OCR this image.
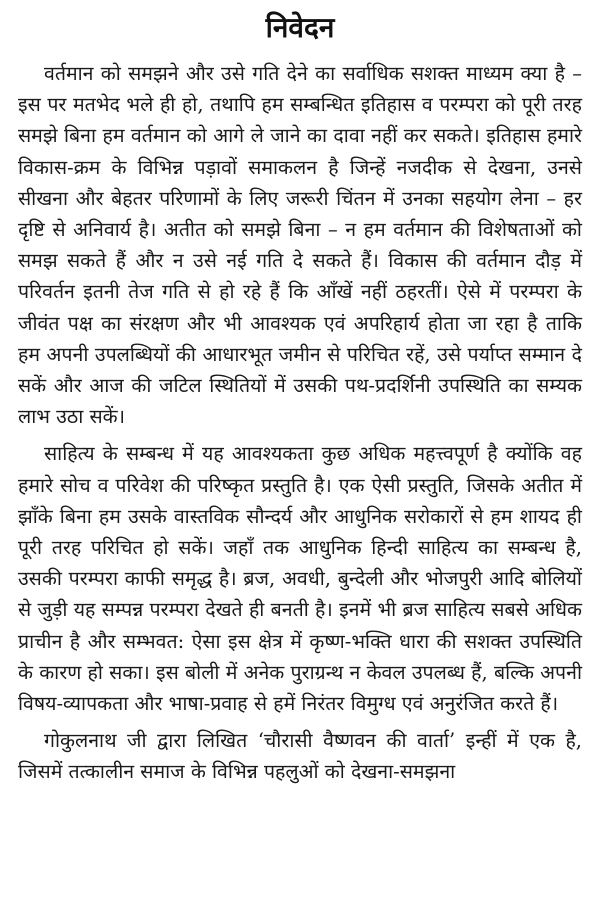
निवेदन

वर्तमान को समझने और उसे गति देने का सर्वाधिक सशक्त माध्यम क्या है – इस पर मतभेद भले ही हो, तथापि हम सम्बन्धित इतिहास व परम्परा को पूरी तरह समझे बिना हम वर्तमान को आगे ले जाने का दावा नहीं कर सकते। इतिहास हमारे विकास-क्रम के विभिन्न पड़ावों समाकलन है जिन्हें नजदीक से देखना, उनसे सीखना और बेहतर परिणामों के लिए जरूरी चिंतन में उनका सहयोग लेना – हर दृष्टि से अनिवार्य है। अतीत को समझे बिना – न हम वर्तमान की विशेषताओं को समझ सकते हैं और न उसे नई गति दे सकते हैं। विकास की वर्तमान दौड़ में परिवर्तन इतनी तेज गति से हो रहे हैं कि आँखें नहीं ठहरतीं। ऐसे में परम्परा के जीवंत पक्ष का संरक्षण और भी आवश्यक एवं अपरिहार्य होता जा रहा है ताकि हम अपनी उपलब्धियों की आधारभूत जमीन से परिचित रहें, उसे पर्याप्त सम्मान दे सकें और आज की जटिल स्थितियों में उसकी पथ-प्रदर्शिनी उपस्थिति का सम्यक लाभ उठा सकें।

साहित्य के सम्बन्ध में यह आवश्यकता कुछ अधिक महत्त्वपूर्ण है क्योंकि वह हमारे सोच व परिवेश की परिष्कृत प्रस्तुति है। एक ऐसी प्रस्तुति, जिसके अतीत में झाँके बिना हम उसके वास्तविक सौन्दर्य और आधुनिक सरोकारों से हम शायद ही पूरी तरह परिचित हो सकें। जहाँ तक आधुनिक हिन्दी साहित्य का सम्बन्ध है, उसकी परम्परा काफी समृद्ध है। ब्रज, अवधी, बुन्देली और भोजपुरी आदि बोलियों से जुड़ी यह सम्पन्न परम्परा देखते ही बनती है। इनमें भी ब्रज साहित्य सबसे अधिक प्राचीन है और सम्भवत: ऐसा इस क्षेत्र में कृष्ण-भक्ति धारा की सशक्त उपस्थिति के कारण हो सका। इस बोली में अनेक पुराग्रन्थ न केवल उपलब्ध हैं, बल्कि अपनी विषय-व्यापकता और भाषा-प्रवाह से हमें निरंतर विमुग्ध एवं अनुरंजित करते हैं।

गोकुलनाथ जी द्वारा लिखित ‘चौरासी वैष्णवन की वार्ता’ इन्हीं में एक है, जिसमें तत्कालीन समाज के विभिन्न पहलुओं को देखना-समझना
